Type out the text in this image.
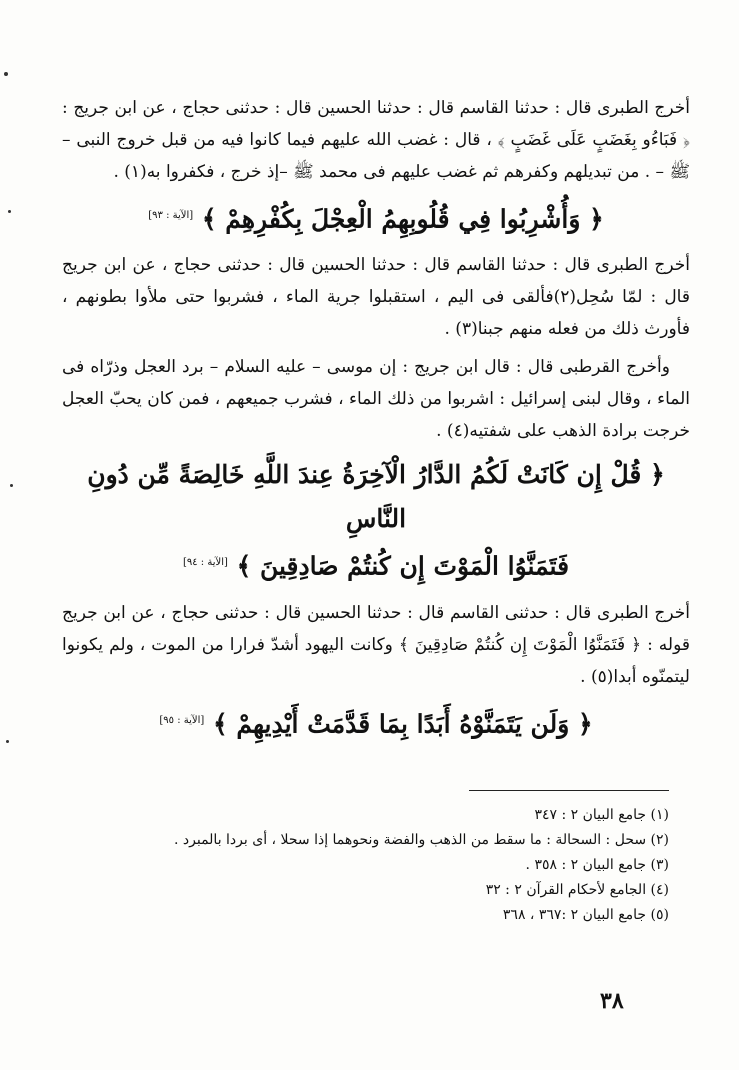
أخرج الطبرى قال : حدثنا القاسم قال : حدثنا الحسين قال : حدثنى حجاج ، عن ابن جريج :﴿ فَبَاءُو بِغَضَبٍ عَلَى غَضَبٍ ﴾ ، قال : غضب الله عليهم فيما كانوا فيه من قبل خروج النبى – ﷺ – . من تبديلهم وكفرهم ثم غضب عليهم فى محمد ﷺ –إذ خرج ، فكفروا به(١) .

﴿ وَأُشْرِبُوا فِي قُلُوبِهِمُ الْعِجْلَ بِكُفْرِهِمْ ﴾ [الآية : ٩٣]

أخرج الطبرى قال : حدثنا القاسم قال : حدثنا الحسين قال : حدثنى حجاج ، عن ابن جريج قال : لمّا سُحِل(٢)فألقى فى اليم ، استقبلوا جرية الماء ، فشربوا حتى ملأوا بطونهم ، فأورث ذلك من فعله منهم جبنا(٣) .

وأخرج القرطبى قال : قال ابن جريج : إن موسى – عليه السلام – برد العجل وذرّاه فى الماء ، وقال لبنى إسرائيل : اشربوا من ذلك الماء ، فشرب جميعهم ، فمن كان يحبّ العجل خرجت برادة الذهب على شفتيه(٤) .

﴿ قُلْ إِن كَانَتْ لَكُمُ الدَّارُ الْآخِرَةُ عِندَ اللَّهِ خَالِصَةً مِّن دُونِ النَّاسِ
فَتَمَنَّوُا الْمَوْتَ إِن كُنتُمْ صَادِقِينَ ﴾ [الآية : ٩٤]

أخرج الطبرى قال : حدثنى القاسم قال : حدثنا الحسين قال : حدثنى حجاج ، عن ابن جريج قوله : ﴿ فَتَمَنَّوُا الْمَوْتَ إِن كُنتُمْ صَادِقِينَ ﴾ وكانت اليهود أشدّ فرارا من الموت ، ولم يكونوا ليتمنّوه أبدا(٥) .

﴿ وَلَن يَتَمَنَّوْهُ أَبَدًا بِمَا قَدَّمَتْ أَيْدِيهِمْ ﴾ [الآية : ٩٥]

(١) جامع البيان ٢ : ٣٤٧

(٢) سحل : السحالة : ما سقط من الذهب والفضة ونحوهما إذا سحلا ، أى بردا بالمبرد .

(٣) جامع البيان ٢ : ٣٥٨ .

(٤) الجامع لأحكام القرآن ٢ : ٣٢

(٥) جامع البيان ٢ :٣٦٧ ، ٣٦٨

٣٨
